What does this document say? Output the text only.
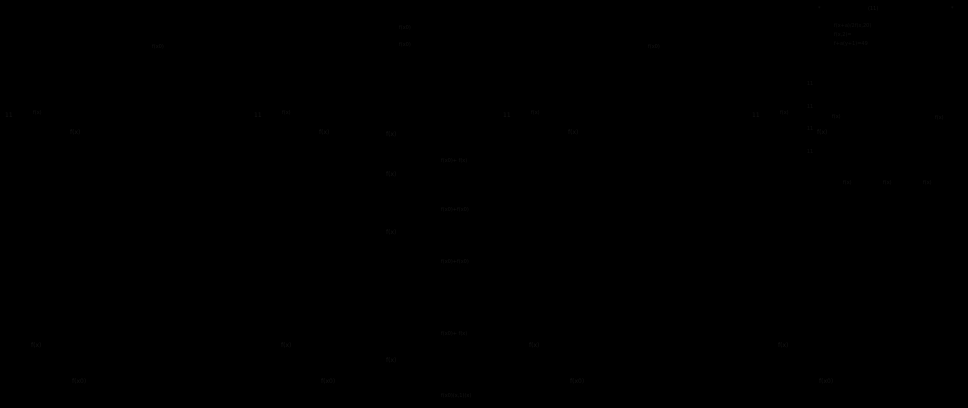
*	(11)	*
f(x+a)/2f(x,20)
f(x,2)=
f+a(y+1)=49
f(x0)
f(x0)
f(x0)	f(x0)

11

11

11

11

11	f(x)	11	f(x)	11	f(x)	11	f(x)
f(x)
f(x)	f(x)	f(x)	f(x)
f(x)
f(x)
f(x0)+ f(x)
f(x)
f(x0)+f(x0)
f(x)
f(x0)+f(x0)
f(x0)+ f(x)
f(x0)(x,1)(x)
f(x)	f(x)	f(x)
f(x)	f(x)
f(x)
f(x)	f(x)
f(x0)	f(x0)	f(x0)	f(x0)
